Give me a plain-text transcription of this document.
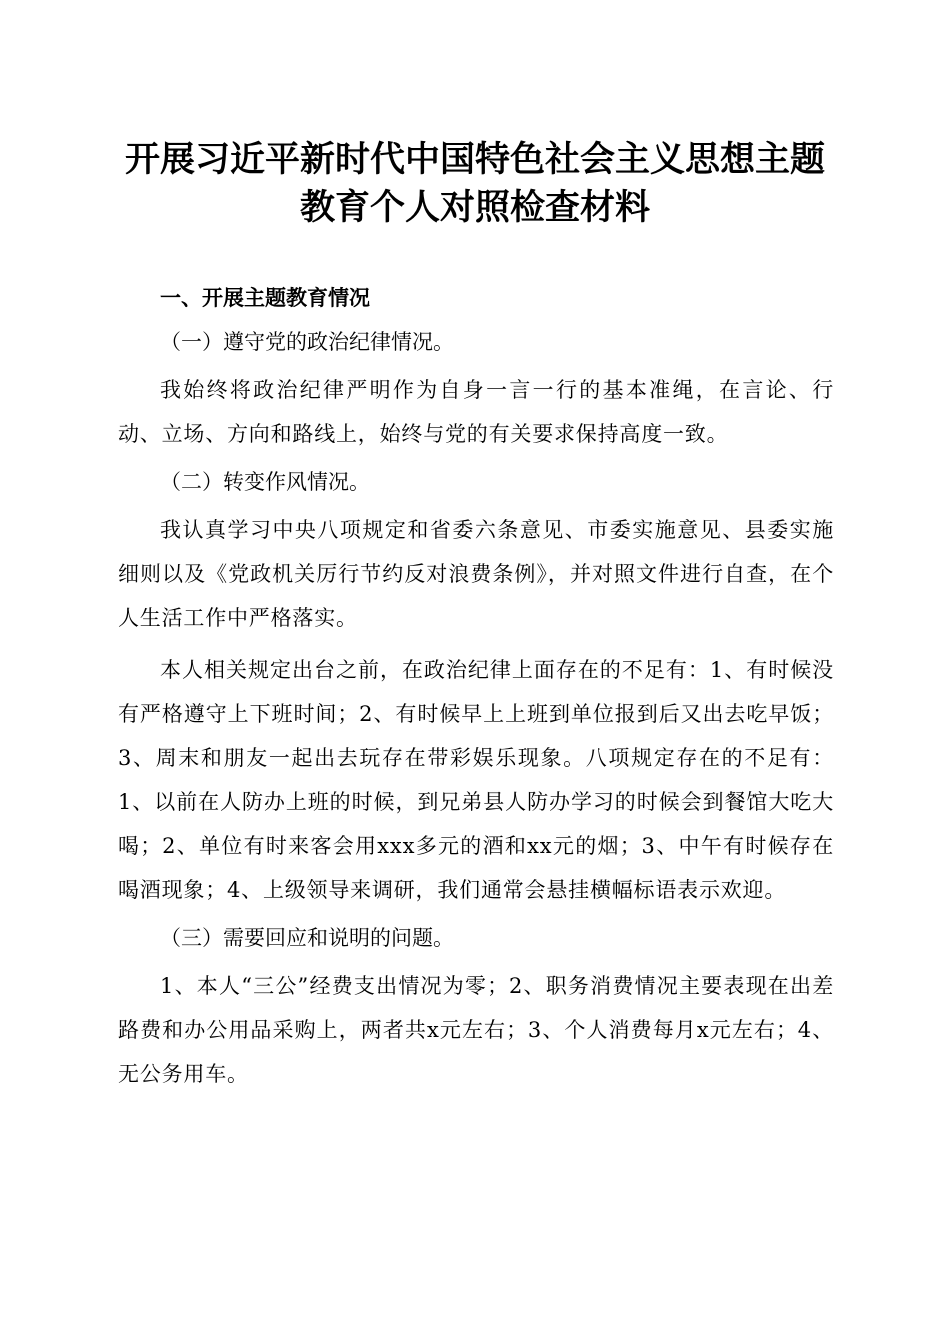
开展习近平新时代中国特色社会主义思想主题
教育个人对照检查材料
一、开展主题教育情况
（一）遵守党的政治纪律情况。

我始终将政治纪律严明作为自身一言一行的基本准绳，在言论、行动、立场、方向和路线上，始终与党的有关要求保持高度一致。

（二）转变作风情况。

我认真学习中央八项规定和省委六条意见、市委实施意见、县委实施细则以及《党政机关厉行节约反对浪费条例》，并对照文件进行自查，在个人生活工作中严格落实。

本人相关规定出台之前，在政治纪律上面存在的不足有：1、有时候没有严格遵守上下班时间；2、有时候早上上班到单位报到后又出去吃早饭；3、周末和朋友一起出去玩存在带彩娱乐现象。八项规定存在的不足有：1、以前在人防办上班的时候，到兄弟县人防办学习的时候会到餐馆大吃大喝；2、单位有时来客会用xxx多元的酒和xx元的烟；3、中午有时候存在喝酒现象；4、上级领导来调研，我们通常会悬挂横幅标语表示欢迎。

（三）需要回应和说明的问题。

1、本人“三公”经费支出情况为零；2、职务消费情况主要表现在出差路费和办公用品采购上，两者共x元左右；3、个人消费每月x元左右；4、无公务用车。
